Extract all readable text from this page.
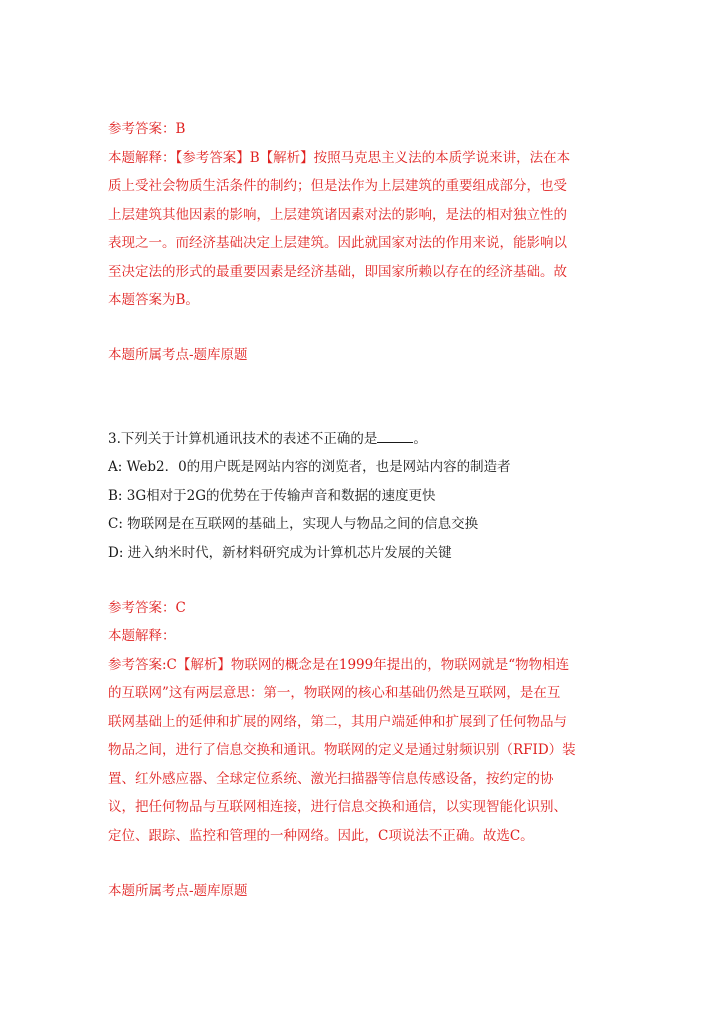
参考答案：B
本题解释：【参考答案】B【解析】按照马克思主义法的本质学说来讲，法在本
质上受社会物质生活条件的制约；但是法作为上层建筑的重要组成部分，也受
上层建筑其他因素的影响，上层建筑诸因素对法的影响，是法的相对独立性的
表现之一。而经济基础决定上层建筑。因此就国家对法的作用来说，能影响以
至决定法的形式的最重要因素是经济基础，即国家所赖以存在的经济基础。故
本题答案为B。
本题所属考点-题库原题
3.下列关于计算机通讯技术的表述不正确的是	。
A: Web2．0的用户既是网站内容的浏览者，也是网站内容的制造者
B: 3G相对于2G的优势在于传输声音和数据的速度更快
C: 物联网是在互联网的基础上，实现人与物品之间的信息交换
D: 进入纳米时代，新材料研究成为计算机芯片发展的关键
参考答案：C
本题解释：
参考答案:C【解析】物联网的概念是在1999年提出的，物联网就是“物物相连
的互联网”这有两层意思：第一，物联网的核心和基础仍然是互联网，是在互
联网基础上的延伸和扩展的网络，第二，其用户端延伸和扩展到了任何物品与
物品之间，进行了信息交换和通讯。物联网的定义是通过射频识别（RFID）装
置、红外感应器、全球定位系统、激光扫描器等信息传感设备，按约定的协
议，把任何物品与互联网相连接，进行信息交换和通信，以实现智能化识别、
定位、跟踪、监控和管理的一种网络。因此，C项说法不正确。故选C。
本题所属考点-题库原题
